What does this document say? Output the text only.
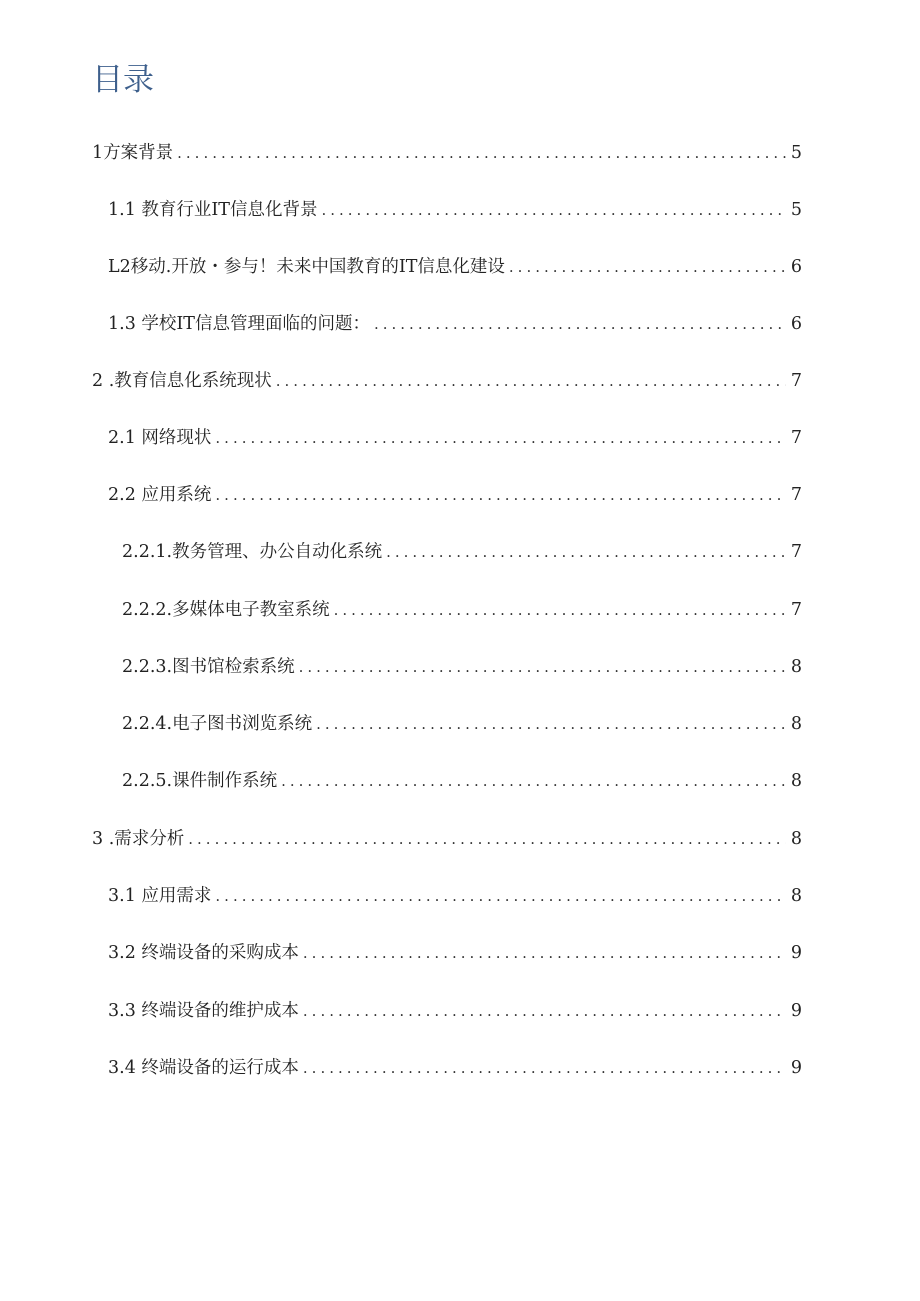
目录
1方案背景 .....	5
1.1 教育行业IT信息化背景 .....	5
L2移动.开放・参与！未来中国教育的IT信息化建设 .....	6
1.3 学校IT信息管理面临的问题： .....	6
2 .教育信息化系统现状 .....	7
2.1 网络现状 .....	7
2.2 应用系统 .....	7
2.2.1.教务管理、办公自动化系统 .....	7
2.2.2.多媒体电子教室系统 .....	7
2.2.3.图书馆检索系统 .....	8
2.2.4.电子图书浏览系统 .....	8
2.2.5.课件制作系统 .....	8
3 .需求分析 .....	8
3.1 应用需求 .....	8
3.2 终端设备的采购成本 .....	9
3.3 终端设备的维护成本 .....	9
3.4 终端设备的运行成本 .....	9
